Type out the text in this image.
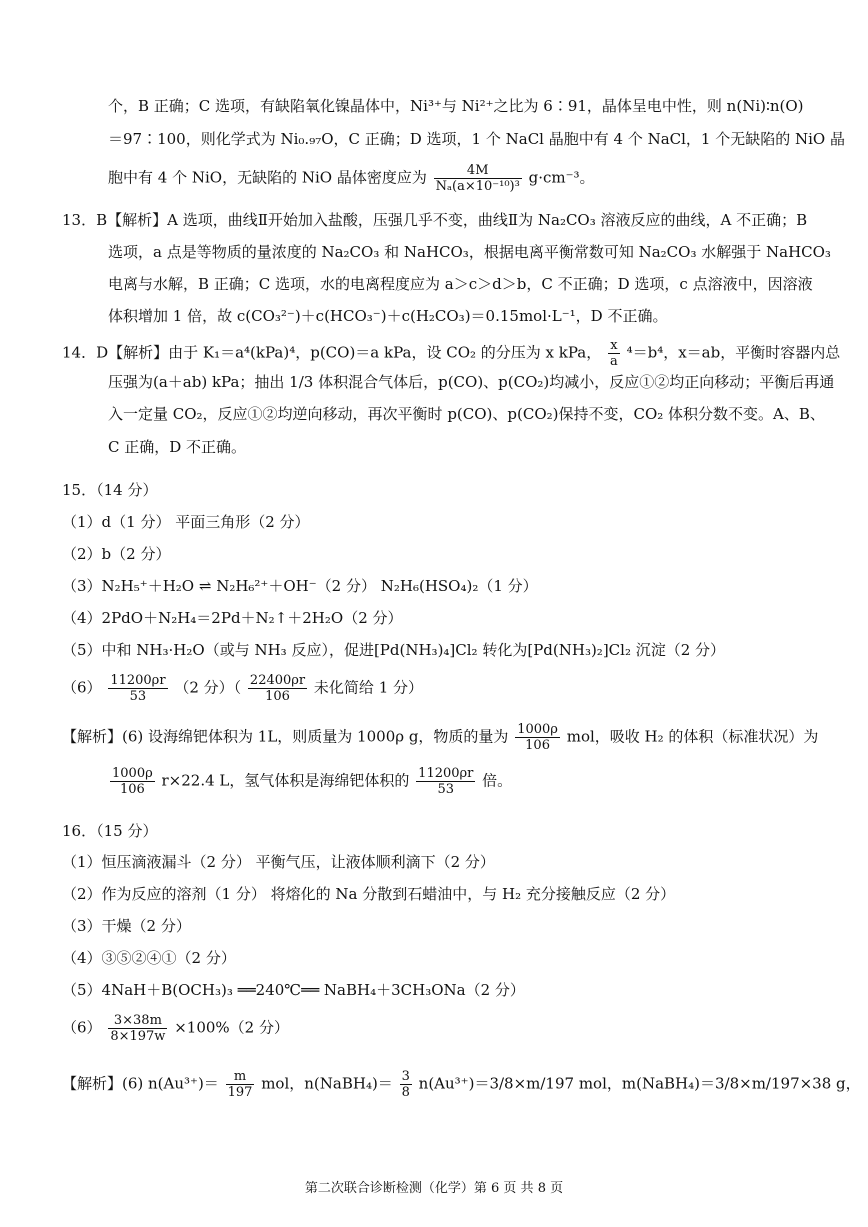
个，B 正确；C 选项，有缺陷氧化镍晶体中，Ni³⁺与 Ni²⁺之比为 6∶91，晶体呈电中性，则 n(Ni)∶n(O)
＝97∶100，则化学式为 Ni₀.₉₇O，C 正确；D 选项，1 个 NaCl 晶胞中有 4 个 NaCl，1 个无缺陷的 NiO 晶
胞中有 4 个 NiO，无缺陷的 NiO 晶体密度应为 $\frac{4M}{\text{Nₐ(a×10⁻¹⁰)³}} g\cdot cm^{-3}$。
13．B【解析】A 选项，曲线Ⅱ开始加入盐酸，压强几乎不变，曲线Ⅱ为 Na₂CO₃ 溶液反应的曲线，A 不正确；B
选项，a 点是等物质的量浓度的 Na₂CO₃ 和 NaHCO₃，根据电离平衡常数可知 Na₂CO₃ 水解强于 NaHCO₃
电离与水解，B 正确；C 选项，水的电离程度应为 a＞c＞d＞b，C 不正确；D 选项，c 点溶液中，因溶液
体积增加 1 倍，故 c(CO₃²⁻)＋c(HCO₃⁻)＋c(H₂CO₃)＝0.15mol·L⁻¹，D 不正确。
14．D【解析】由于 K₁＝a⁴(kPa)⁴，p(CO)＝a kPa，设 CO₂ 的分压为 x kPa， $\frac{x}{a} ^4=b^4$，x＝ab，平衡时容器内总
压强为(a＋ab) kPa；抽出 1/3 体积混合气体后，p(CO)、p(CO₂)均减小，反应①②均正向移动；平衡后再通
入一定量 CO₂，反应①②均逆向移动，再次平衡时 p(CO)、p(CO₂)保持不变，CO₂ 体积分数不变。A、B、
C 正确，D 不正确。
15．（14 分）
（1）d（1 分） 平面三角形（2 分）
（2）b（2 分）
（3）N₂H₅⁺＋H₂O ⇌ N₂H₆²⁺＋OH⁻（2 分） N₂H₆(HSO₄)₂（1 分）
（4）2PdO＋N₂H₄＝2Pd＋N₂↑＋2H₂O（2 分）
（5）中和 NH₃·H₂O（或与 NH₃ 反应），促进[Pd(NH₃)₄]Cl₂ 转化为[Pd(NH₃)₂]Cl₂ 沉淀（2 分）
$(6) \frac{11200\rho r}{53} (2$ 分）（ $\frac{22400\rho r}{106}$ 未化简给 1 分）
【解析】(6) 设海绵钯体积为 1L，则质量为 1000ρ g，物质的量为 $\frac{1000\rho}{106}$ mol，吸收 H₂ 的体积（标准状况）为
$\frac{1000\rho}{106} r\times 22.4$ L，氢气体积是海绵钯体积的 $\frac{11200\rho r}{53}$ 倍。
16．（15 分）
（1）恒压滴液漏斗（2 分） 平衡气压，让液体顺利滴下（2 分）
（2）作为反应的溶剂（1 分） 将熔化的 Na 分散到石蜡油中，与 H₂ 充分接触反应（2 分）
（3）干燥（2 分）
（4）③⑤②④①（2 分）
（5）4NaH＋B(OCH₃)₃ ══240℃══ NaBH₄＋3CH₃ONa（2 分）
$(6) \frac{3\times 38m}{8\times 197w} \times 100\%(2$ 分）
【解析】(6) $n(Au^{3+})= \frac{m}{197}$ mol，n(NaBH₄)＝ $\frac{3}{8} n(Au^{3+})=3/8\times m/197$ mol，m(NaBH₄)＝3/8×m/197×38 g，
第二次联合诊断检测（化学）第 6 页 共 8 页
